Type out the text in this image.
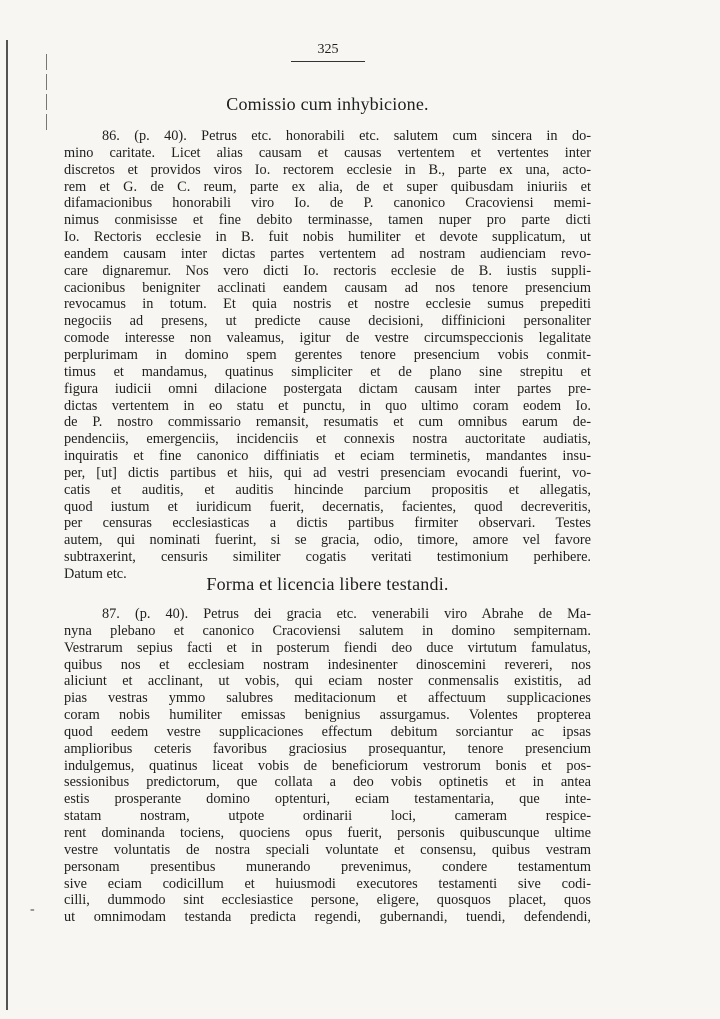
-
325
Comissio cum inhybicione.
86. (p. 40). Petrus etc. honorabili etc. salutem cum sincera in do-
mino caritate. Licet alias causam et causas vertentem et vertentes inter
discretos et providos viros Io. rectorem ecclesie in B., parte ex una, acto-
rem et G. de C. reum, parte ex alia, de et super quibusdam iniuriis et
difamacionibus honorabili viro Io. de P. canonico Cracoviensi memi-
nimus conmisisse et fine debito terminasse, tamen nuper pro parte dicti
Io. Rectoris ecclesie in B. fuit nobis humiliter et devote supplicatum, ut
eandem causam inter dictas partes vertentem ad nostram audienciam revo-
care dignaremur. Nos vero dicti Io. rectoris ecclesie de B. iustis suppli-
cacionibus benigniter acclinati eandem causam ad nos tenore presencium
revocamus in totum. Et quia nostris et nostre ecclesie sumus prepediti
negociis ad presens, ut predicte cause decisioni, diffinicioni personaliter
comode interesse non valeamus, igitur de vestre circumspeccionis legalitate
perplurimam in domino spem gerentes tenore presencium vobis conmit-
timus et mandamus, quatinus simpliciter et de plano sine strepitu et
figura iudicii omni dilacione postergata dictam causam inter partes pre-
dictas vertentem in eo statu et punctu, in quo ultimo coram eodem Io.
de P. nostro commissario remansit, resumatis et cum omnibus earum de-
pendenciis, emergenciis, incidenciis et connexis nostra auctoritate audiatis,
inquiratis et fine canonico diffiniatis et eciam terminetis, mandantes insu-
per, [ut] dictis partibus et hiis, qui ad vestri presenciam evocandi fuerint, vo-
catis et auditis, et auditis hincinde parcium propositis et allegatis,
quod iustum et iuridicum fuerit, decernatis, facientes, quod decreveritis,
per censuras ecclesiasticas a dictis partibus firmiter observari. Testes
autem, qui nominati fuerint, si se gracia, odio, timore, amore vel favore
subtraxerint, censuris similiter cogatis veritati testimonium perhibere.
Datum etc.
Forma et licencia libere testandi.
87. (p. 40). Petrus dei gracia etc. venerabili viro Abrahe de Ma-
nyna plebano et canonico Cracoviensi salutem in domino sempiternam.
Vestrarum sepius facti et in posterum fiendi deo duce virtutum famulatus,
quibus nos et ecclesiam nostram indesinenter dinoscemini revereri, nos
aliciunt et acclinant, ut vobis, qui eciam noster conmensalis existitis, ad
pias vestras ymmo salubres meditacionum et affectuum supplicaciones
coram nobis humiliter emissas benignius assurgamus. Volentes propterea
quod eedem vestre supplicaciones effectum debitum sorciantur ac ipsas
amplioribus ceteris favoribus graciosius prosequantur, tenore presencium
indulgemus, quatinus liceat vobis de beneficiorum vestrorum bonis et pos-
sessionibus predictorum, que collata a deo vobis optinetis et in antea
estis prosperante domino optenturi, eciam testamentaria, que inte-
statam nostram, utpote ordinarii loci, cameram respice-
rent dominanda tociens, quociens opus fuerit, personis quibuscunque ultime
vestre voluntatis de nostra speciali voluntate et consensu, quibus vestram
personam presentibus munerando prevenimus, condere testamentum
sive eciam codicillum et huiusmodi executores testamenti sive codi-
cilli, dummodo sint ecclesiastice persone, eligere, quosquos placet, quos
ut omnimodam testanda predicta regendi, gubernandi, tuendi, defendendi,
